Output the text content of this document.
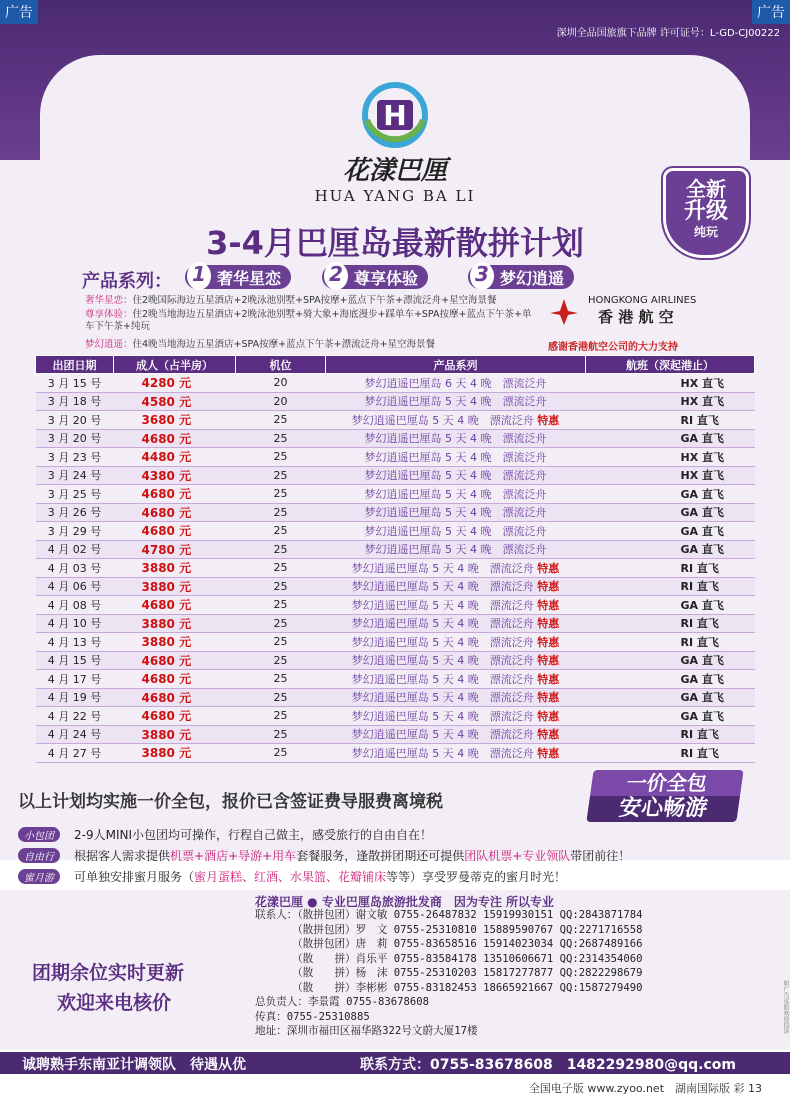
广告	广告
深圳全品国旅旗下品牌 许可证号：L-GD-CJ00222
H
花漾巴厘
HUA YANG BA LI	全新
升级
纯玩
3-4月巴厘岛最新散拼计划
产品系列： 1 奢华星恋	2 尊享体验	3 梦幻逍遥
奢华星恋：住2晚国际海边五星酒店+2晚泳池别墅+SPA按摩+蓝点下午茶+漂流泛舟+星空海景餐
尊享体验：住2晚当地海边五星酒店+2晚泳池别墅+骑大象+海底漫步+踩单车+SPA按摩+蓝点下午茶+单车下午茶+纯玩
梦幻逍遥：住4晚当地海边五星酒店+SPA按摩+蓝点下午茶+漂流泛舟+星空海景餐
HONGKONG AIRLINES
香 港 航 空
感谢香港航空公司的大力支持
出团日期	成人（占半房）	机位	产品系列	航班（深起港止）
3 月 15 号	4280 元	20	梦幻逍遥巴厘岛 6 天 4 晚　漂流泛舟	HX 直飞
3 月 18 号	4580 元	20	梦幻逍遥巴厘岛 5 天 4 晚　漂流泛舟	HX 直飞
3 月 20 号	3680 元	25	梦幻逍遥巴厘岛 5 天 4 晚　漂流泛舟 特惠	RI 直飞
3 月 20 号	4680 元	25	梦幻逍遥巴厘岛 5 天 4 晚　漂流泛舟	GA 直飞
3 月 23 号	4480 元	25	梦幻逍遥巴厘岛 5 天 4 晚　漂流泛舟	HX 直飞
3 月 24 号	4380 元	25	梦幻逍遥巴厘岛 5 天 4 晚　漂流泛舟	HX 直飞
3 月 25 号	4680 元	25	梦幻逍遥巴厘岛 5 天 4 晚　漂流泛舟	GA 直飞
3 月 26 号	4680 元	25	梦幻逍遥巴厘岛 5 天 4 晚　漂流泛舟	GA 直飞
3 月 29 号	4680 元	25	梦幻逍遥巴厘岛 5 天 4 晚　漂流泛舟	GA 直飞
4 月 02 号	4780 元	25	梦幻逍遥巴厘岛 5 天 4 晚　漂流泛舟	GA 直飞
4 月 03 号	3880 元	25	梦幻逍遥巴厘岛 5 天 4 晚　漂流泛舟 特惠	RI 直飞
4 月 06 号	3880 元	25	梦幻逍遥巴厘岛 5 天 4 晚　漂流泛舟 特惠	RI 直飞
4 月 08 号	4680 元	25	梦幻逍遥巴厘岛 5 天 4 晚　漂流泛舟 特惠	GA 直飞
4 月 10 号	3880 元	25	梦幻逍遥巴厘岛 5 天 4 晚　漂流泛舟 特惠	RI 直飞
4 月 13 号	3880 元	25	梦幻逍遥巴厘岛 5 天 4 晚　漂流泛舟 特惠	RI 直飞
4 月 15 号	4680 元	25	梦幻逍遥巴厘岛 5 天 4 晚　漂流泛舟 特惠	GA 直飞
4 月 17 号	4680 元	25	梦幻逍遥巴厘岛 5 天 4 晚　漂流泛舟 特惠	GA 直飞
4 月 19 号	4680 元	25	梦幻逍遥巴厘岛 5 天 4 晚　漂流泛舟 特惠	GA 直飞
4 月 22 号	4680 元	25	梦幻逍遥巴厘岛 5 天 4 晚　漂流泛舟 特惠	GA 直飞
4 月 24 号	3880 元	25	梦幻逍遥巴厘岛 5 天 4 晚　漂流泛舟 特惠	RI 直飞
4 月 27 号	3880 元	25	梦幻逍遥巴厘岛 5 天 4 晚　漂流泛舟 特惠	RI 直飞
以上计划均实施一价全包，报价已含签证费导服费离境税
一价全包
安心畅游
小包团 2-9人MINI小包团均可操作，行程自己做主，感受旅行的自由自在！
自由行 根据客人需求提供机票+酒店+导游+用车套餐服务，逢散拼团期还可提供团队机票+专业领队带团前往！
蜜月游 可单独安排蜜月服务（蜜月蛋糕、红酒、水果篮、花瓣铺床等等）享受罗曼蒂克的蜜月时光！
花漾巴厘 ● 专业巴厘岛旅游批发商　因为专注 所以专业
联系人：（散拼包团）谢文敏 0755-26487832 15919930151 QQ:2843871784
　　　　（散拼包团）罗　文 0755-25310810 15889590767 QQ:2271716558
　　　　（散拼包团）唐　莉 0755-83658516 15914023034 QQ:2687489166
　　　　（散　　拼）肖乐平 0755-83584178 13510606671 QQ:2314354060
　　　　（散　　拼）杨　沫 0755-25310203 15817277877 QQ:2822298679
　　　　（散　　拼）李彬彬 0755-83182453 18665921667 QQ:1587279490
总负责人：李景霞 0755-83678608
传真：0755-25310885
地址：深圳市福田区福华路322号文蔚大厦17楼
团期余位实时更新
欢迎来电核价
诚聘熟手东南亚计调领队　待遇从优	联系方式：0755-83678608　1482292980@qq.com
全国电子版 www.zyoo.net　湖南国际版 彩 13
如广告虚假欢迎投诉
